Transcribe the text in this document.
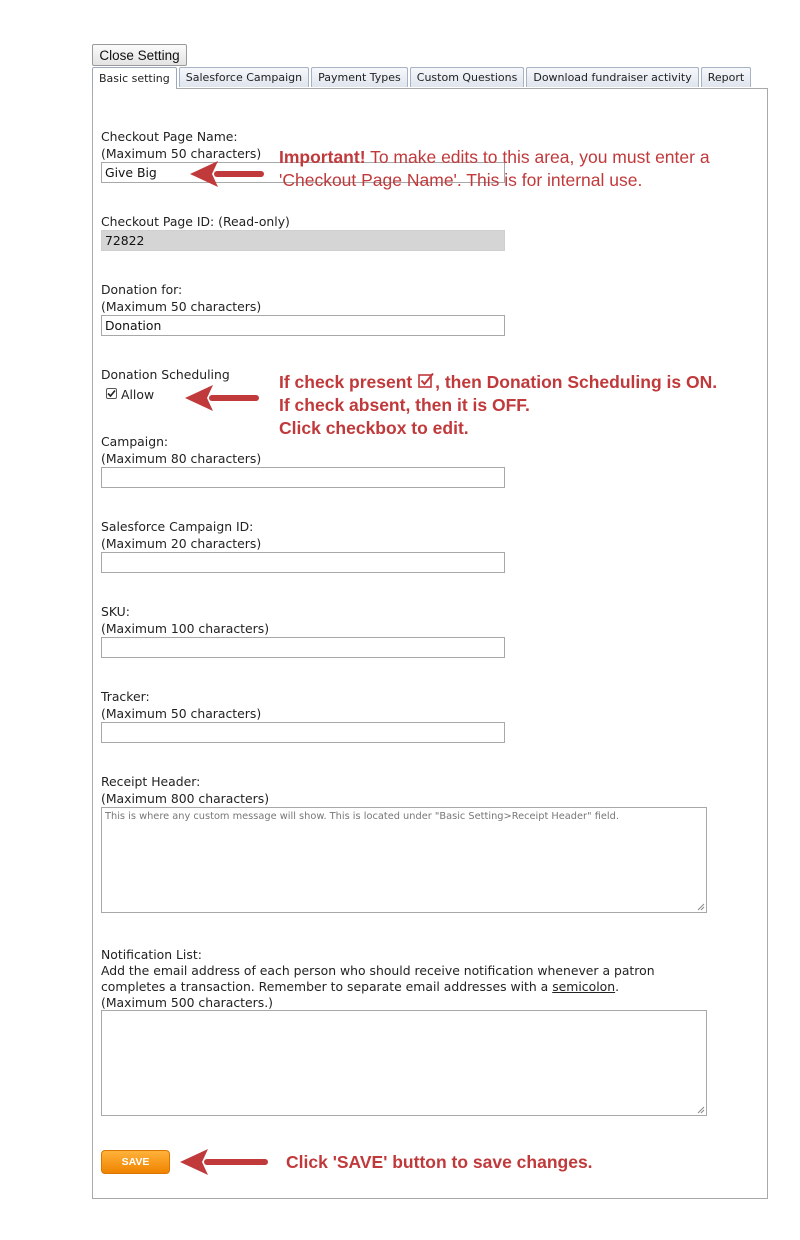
Close Setting
Basic setting	Salesforce Campaign	Payment Types	Custom Questions	Download fundraiser activity	Report
Checkout Page Name:
(Maximum 50 characters)
Give Big
Checkout Page ID: (Read-only)
72822
Donation for:
(Maximum 50 characters)
Donation
Donation Scheduling
Allow
Campaign:
(Maximum 80 characters)
Salesforce Campaign ID:
(Maximum 20 characters)
SKU:
(Maximum 100 characters)
Tracker:
(Maximum 50 characters)
Receipt Header:
(Maximum 800 characters)
This is where any custom message will show. This is located under "Basic Setting>Receipt Header" field.
Notification List:
Add the email address of each person who should receive notification whenever a patron
completes a transaction. Remember to separate email addresses with a semicolon.
(Maximum 500 characters.)
SAVE
Important! To make edits to this area, you must enter a
'Checkout Page Name'. This is for internal use.
If check present , then Donation Scheduling is ON.
If check absent, then it is OFF.
Click checkbox to edit.
Click 'SAVE' button to save changes.
